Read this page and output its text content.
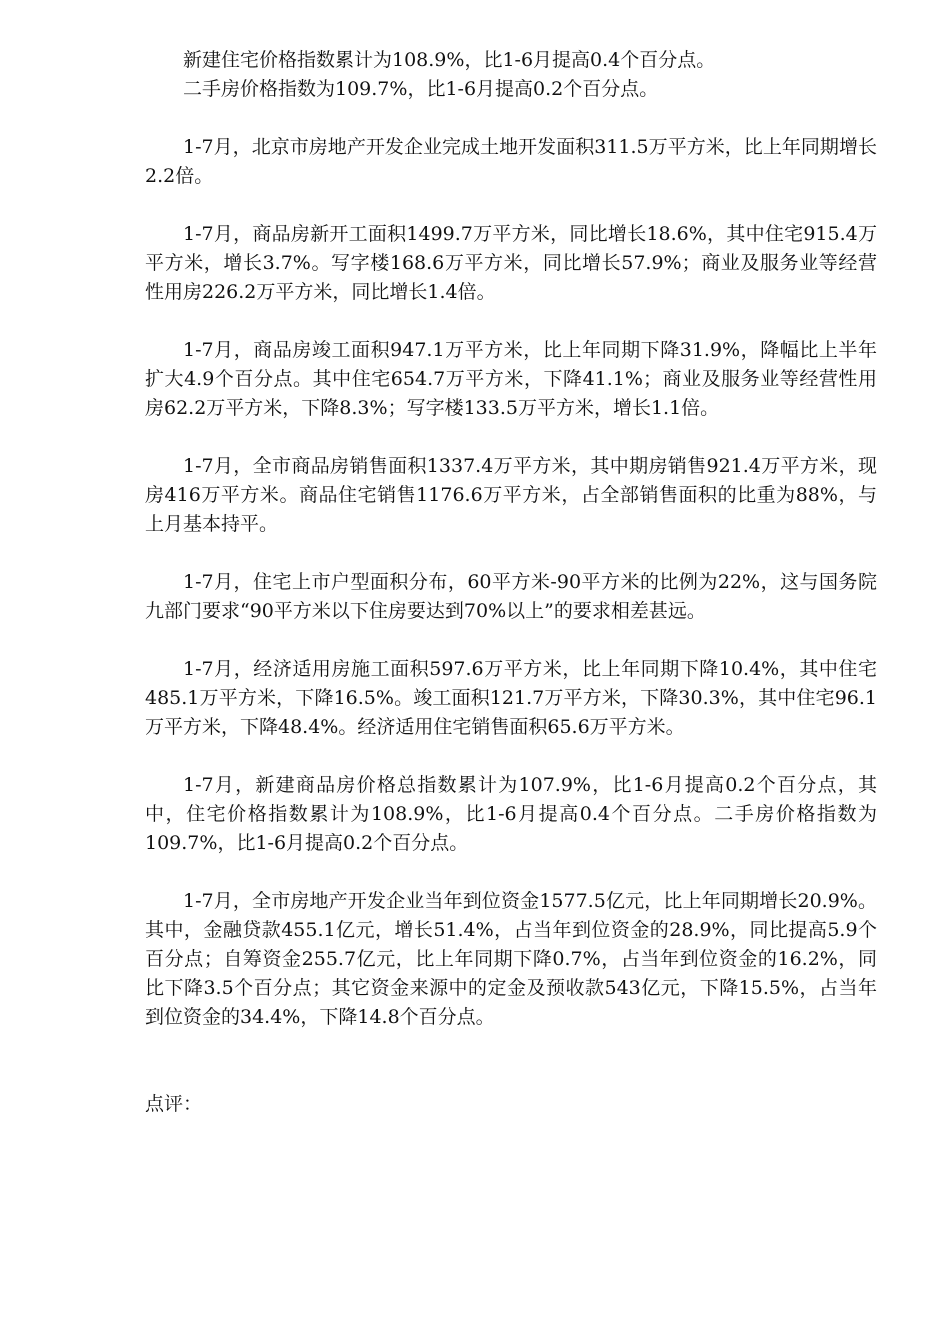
新建住宅价格指数累计为108.9%，比1-6月提高0.4个百分点。

二手房价格指数为109.7%，比1-6月提高0.2个百分点。

1-7月，北京市房地产开发企业完成土地开发面积311.5万平方米，比上年同期增长2.2倍。

1-7月，商品房新开工面积1499.7万平方米，同比增长18.6%，其中住宅915.4万平方米，增长3.7%。写字楼168.6万平方米，同比增长57.9%；商业及服务业等经营性用房226.2万平方米，同比增长1.4倍。

1-7月，商品房竣工面积947.1万平方米，比上年同期下降31.9%，降幅比上半年扩大4.9个百分点。其中住宅654.7万平方米，下降41.1%；商业及服务业等经营性用房62.2万平方米，下降8.3%；写字楼133.5万平方米，增长1.1倍。

1-7月，全市商品房销售面积1337.4万平方米，其中期房销售921.4万平方米，现房416万平方米。商品住宅销售1176.6万平方米，占全部销售面积的比重为88%，与上月基本持平。

1-7月，住宅上市户型面积分布，60平方米-90平方米的比例为22%，这与国务院九部门要求“90平方米以下住房要达到70%以上”的要求相差甚远。

1-7月，经济适用房施工面积597.6万平方米，比上年同期下降10.4%，其中住宅485.1万平方米，下降16.5%。竣工面积121.7万平方米，下降30.3%，其中住宅96.1万平方米，下降48.4%。经济适用住宅销售面积65.6万平方米。

1-7月，新建商品房价格总指数累计为107.9%，比1-6月提高0.2个百分点，其中，住宅价格指数累计为108.9%，比1-6月提高0.4个百分点。二手房价格指数为109.7%，比1-6月提高0.2个百分点。

1-7月，全市房地产开发企业当年到位资金1577.5亿元，比上年同期增长20.9%。其中，金融贷款455.1亿元，增长51.4%，占当年到位资金的28.9%，同比提高5.9个百分点；自筹资金255.7亿元，比上年同期下降0.7%，占当年到位资金的16.2%，同比下降3.5个百分点；其它资金来源中的定金及预收款543亿元，下降15.5%，占当年到位资金的34.4%，下降14.8个百分点。

点评：
